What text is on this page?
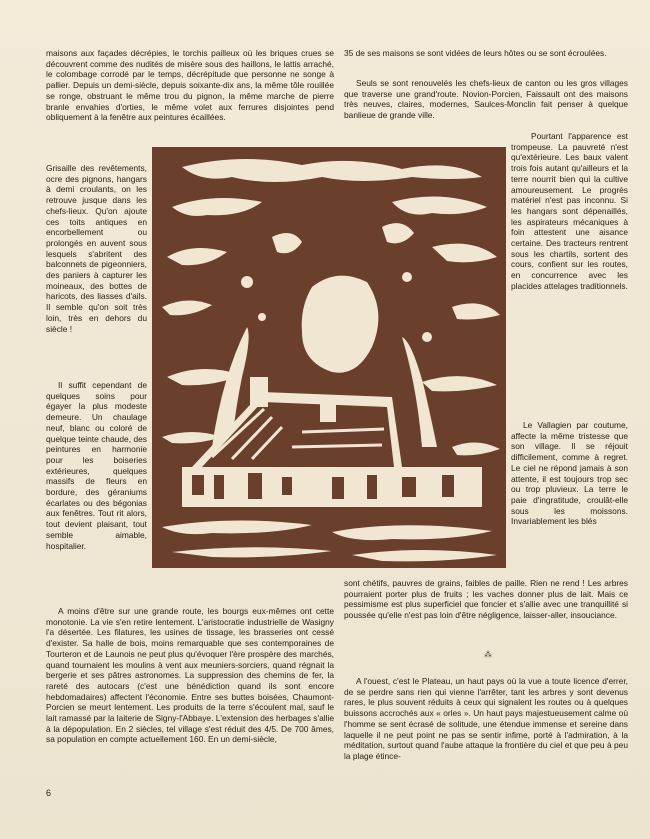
maisons aux façades décrépies, le torchis pailleux où les briques crues se découvrent comme des nudités de misère sous des haillons, le lattis arraché, le colombage corrodé par le temps, décrépitude que personne ne songe à pallier. Depuis un demi-siècle, depuis soixante-dix ans, la même tôle rouillée se ronge, obstruant le même trou du pignon, la même marche de pierre branle envahies d'orties, le même volet aux ferrures disjointes pend obliquement à la fenêtre aux peintures écaillées.

Grisaille des revêtements, ocre des pignons, hangars à demi croulants, on les retrouve jusque dans les chefs-lieux. Qu'on ajoute ces toits antiques en encorbellement ou prolongés en auvent sous lesquels s'abritent des balconnets de pigeonniers, des paniers à capturer les moineaux, des bottes de haricots, des liasses d'ails. Il semble qu'on soit très loin, très en dehors du siècle !

Il suffit cependant de quelques soins pour égayer la plus modeste demeure. Un chaulage neuf, blanc ou coloré de quelque teinte chaude, des peintures en harmonie pour les boiseries extérieures, quelques massifs de fleurs en bordure, des géraniums écarlates ou des bégonias aux fenêtres. Tout rit alors, tout devient plaisant, tout semble aimable, hospitalier.

A moins d'être sur une grande route, les bourgs eux-mêmes ont cette monotonie. La vie s'en retire lentement. L'aristocratie industrielle de Wasigny l'a désertée. Les filatures, les usines de tissage, les brasseries ont cessé d'exister. Sa halle de bois, moins remarquable que ses contemporaines de Tourteron et de Launois ne peut plus qu'évoquer l'ère prospère des marchés, quand tournaient les moulins à vent aux meuniers-sorciers, quand régnait la bergerie et ses pâtres astronomes. La suppression des chemins de fer, la rareté des autocars (c'est une bénédiction quand ils sont encore hebdomadaires) affectent l'économie. Entre ses buttes boisées, Chaumont-Porcien se meurt lentement. Les produits de la terre s'écoulent mal, sauf le lait ramassé par la laiterie de Signy-l'Abbaye. L'extension des herbages s'allie à la dépopulation. En 2 siècles, tel village s'est réduit des 4/5. De 700 âmes, sa population en compte actuellement 160. En un demi-siècle,

35 de ses maisons se sont vidées de leurs hôtes ou se sont écroulées.

Seuls se sont renouvelés les chefs-lieux de canton ou les gros villages que traverse une grand'route. Novion-Porcien, Faissault ont des maisons très neuves, claires, modernes, Saulces-Monclin fait penser à quelque banlieue de grande ville.

Pourtant l'apparence est trompeuse. La pauvreté n'est qu'extérieure. Les baux valent trois fois autant qu'ailleurs et la terre nourrit bien qui la cultive amoureusement. Le progrès matériel n'est pas inconnu. Si les hangars sont dépenaillés, les aspirateurs mécaniques à foin attestent une aisance certaine. Des tracteurs rentrent sous les chartils, sortent des cours, confient sur les routes, en concurrence avec les placides attelages traditionnels.

Le Vallagien par coutume, affecte la même tristesse que son village. Il se réjouit difficilement, comme à regret. Le ciel ne répond jamais à son attente, il est toujours trop sec ou trop pluvieux. La terre le paie d'ingratitude, croulât-elle sous les moissons. Invariablement les blés

sont chétifs, pauvres de grains, faibles de paille. Rien ne rend ! Les arbres pourraient porter plus de fruits ; les vaches donner plus de lait. Mais ce pessimisme est plus superficiel que foncier et s'allie avec une tranquillité si poussée qu'elle n'est pas loin d'être négligence, laisser-aller, insouciance.

⁂

A l'ouest, c'est le Plateau, un haut pays où la vue a toute licence d'errer, de se perdre sans rien qui vienne l'arrêter, tant les arbres y sont devenus rares, le plus souvent réduits à ceux qui signalent les routes ou à quelques buissons accrochés aux « orles ». Un haut pays majestueusement calme où l'homme se sent écrasé de solitude, une étendue immense et sereine dans laquelle il ne peut point ne pas se sentir infime, porté à l'admiration, à la méditation, surtout quand l'aube attaque la frontière du ciel et que peu à peu la plage étince-

6
